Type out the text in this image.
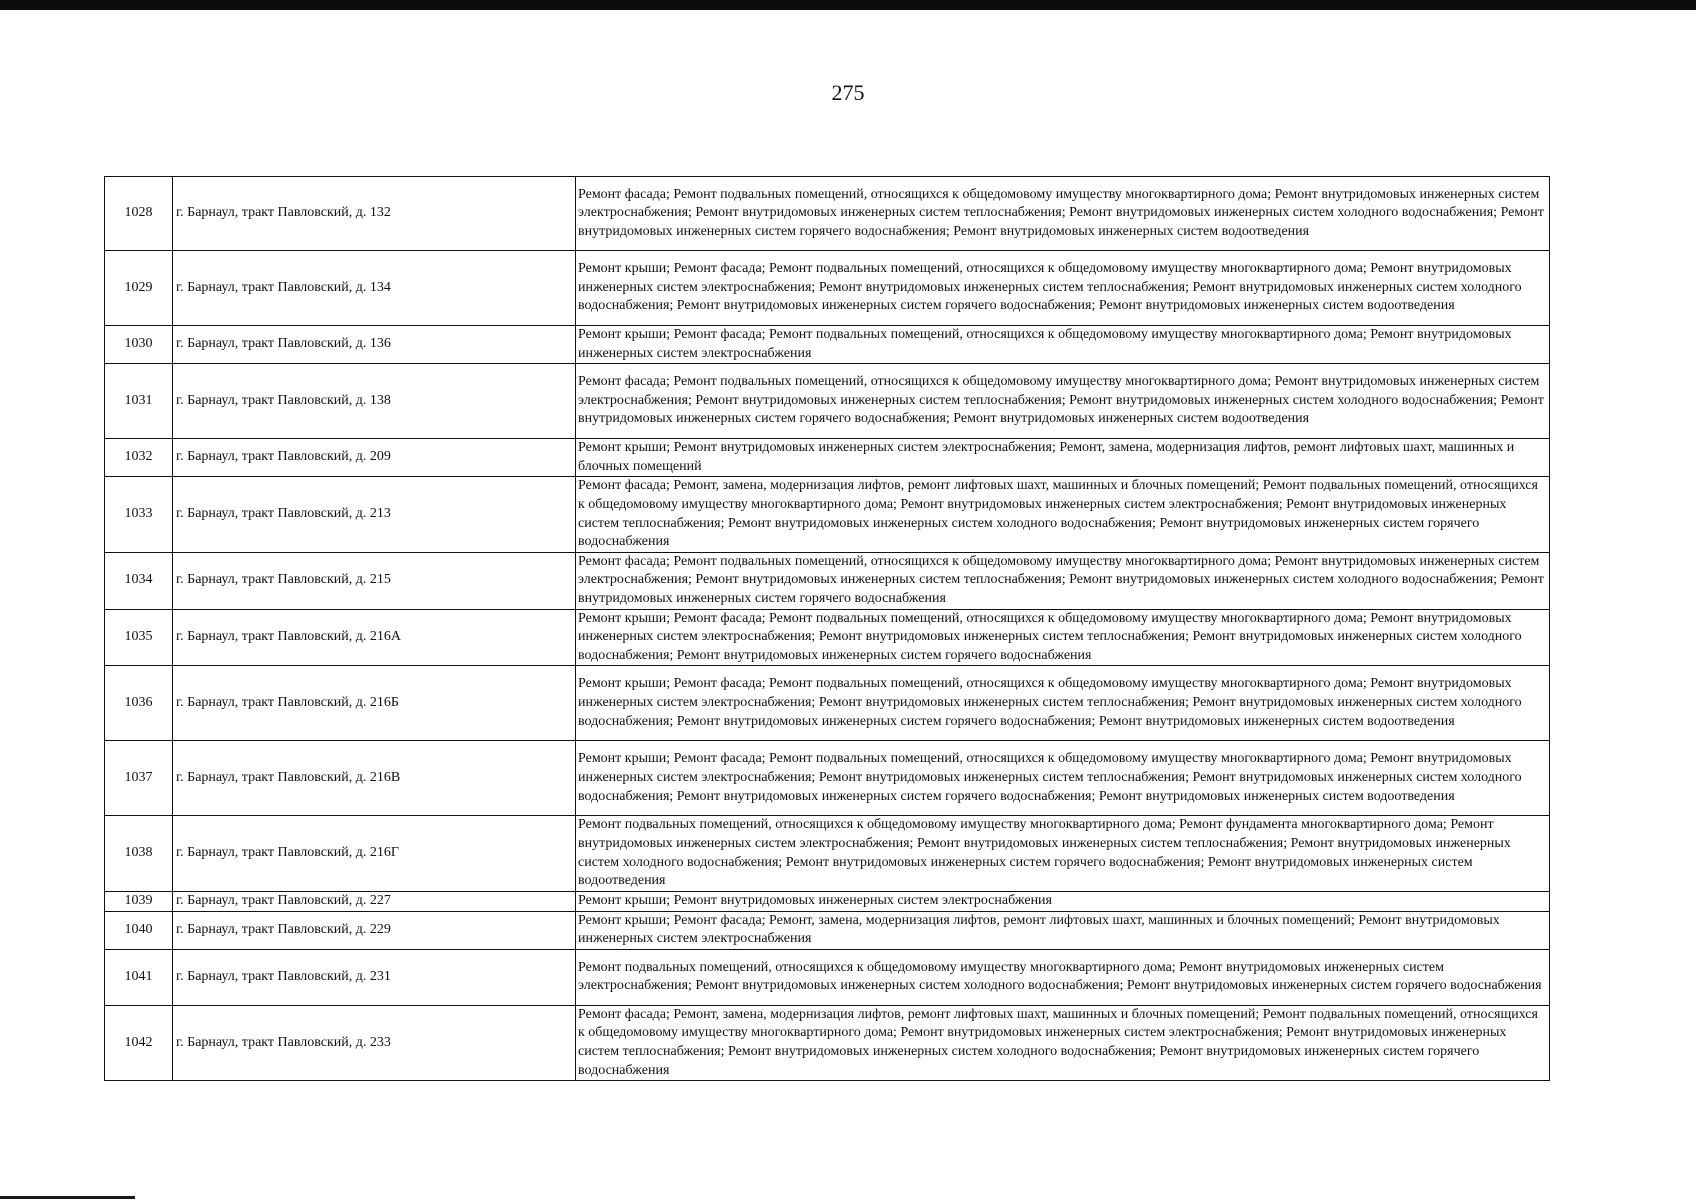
275
1028	г. Барнаул, тракт Павловский, д. 132	Ремонт фасада; Ремонт подвальных помещений, относящихся к общедомовому имуществу многоквартирного дома; Ремонт внутридомовых инженерных систем электроснабжения; Ремонт внутридомовых инженерных систем теплоснабжения; Ремонт внутридомовых инженерных систем холодного водоснабжения; Ремонт внутридомовых инженерных систем горячего водоснабжения; Ремонт внутридомовых инженерных систем водоотведения
1029	г. Барнаул, тракт Павловский, д. 134	Ремонт крыши; Ремонт фасада; Ремонт подвальных помещений, относящихся к общедомовому имуществу многоквартирного дома; Ремонт внутридомовых инженерных систем электроснабжения; Ремонт внутридомовых инженерных систем теплоснабжения; Ремонт внутридомовых инженерных систем холодного водоснабжения; Ремонт внутридомовых инженерных систем горячего водоснабжения; Ремонт внутридомовых инженерных систем водоотведения
1030	г. Барнаул, тракт Павловский, д. 136	Ремонт крыши; Ремонт фасада; Ремонт подвальных помещений, относящихся к общедомовому имуществу многоквартирного дома; Ремонт внутридомовых инженерных систем электроснабжения
1031	г. Барнаул, тракт Павловский, д. 138	Ремонт фасада; Ремонт подвальных помещений, относящихся к общедомовому имуществу многоквартирного дома; Ремонт внутридомовых инженерных систем электроснабжения; Ремонт внутридомовых инженерных систем теплоснабжения; Ремонт внутридомовых инженерных систем холодного водоснабжения; Ремонт внутридомовых инженерных систем горячего водоснабжения; Ремонт внутридомовых инженерных систем водоотведения
1032	г. Барнаул, тракт Павловский, д. 209	Ремонт крыши; Ремонт внутридомовых инженерных систем электроснабжения; Ремонт, замена, модернизация лифтов, ремонт лифтовых шахт, машинных и блочных помещений
1033	г. Барнаул, тракт Павловский, д. 213	Ремонт фасада; Ремонт, замена, модернизация лифтов, ремонт лифтовых шахт, машинных и блочных помещений; Ремонт подвальных помещений, относящихся к общедомовому имуществу многоквартирного дома; Ремонт внутридомовых инженерных систем электроснабжения; Ремонт внутридомовых инженерных систем теплоснабжения; Ремонт внутридомовых инженерных систем холодного водоснабжения; Ремонт внутридомовых инженерных систем горячего водоснабжения
1034	г. Барнаул, тракт Павловский, д. 215	Ремонт фасада; Ремонт подвальных помещений, относящихся к общедомовому имуществу многоквартирного дома; Ремонт внутридомовых инженерных систем электроснабжения; Ремонт внутридомовых инженерных систем теплоснабжения; Ремонт внутридомовых инженерных систем холодного водоснабжения; Ремонт внутридомовых инженерных систем горячего водоснабжения
1035	г. Барнаул, тракт Павловский, д. 216А	Ремонт крыши; Ремонт фасада; Ремонт подвальных помещений, относящихся к общедомовому имуществу многоквартирного дома; Ремонт внутридомовых инженерных систем электроснабжения; Ремонт внутридомовых инженерных систем теплоснабжения; Ремонт внутридомовых инженерных систем холодного водоснабжения; Ремонт внутридомовых инженерных систем горячего водоснабжения
1036	г. Барнаул, тракт Павловский, д. 216Б	Ремонт крыши; Ремонт фасада; Ремонт подвальных помещений, относящихся к общедомовому имуществу многоквартирного дома; Ремонт внутридомовых инженерных систем электроснабжения; Ремонт внутридомовых инженерных систем теплоснабжения; Ремонт внутридомовых инженерных систем холодного водоснабжения; Ремонт внутридомовых инженерных систем горячего водоснабжения; Ремонт внутридомовых инженерных систем водоотведения
1037	г. Барнаул, тракт Павловский, д. 216В	Ремонт крыши; Ремонт фасада; Ремонт подвальных помещений, относящихся к общедомовому имуществу многоквартирного дома; Ремонт внутридомовых инженерных систем электроснабжения; Ремонт внутридомовых инженерных систем теплоснабжения; Ремонт внутридомовых инженерных систем холодного водоснабжения; Ремонт внутридомовых инженерных систем горячего водоснабжения; Ремонт внутридомовых инженерных систем водоотведения
1038	г. Барнаул, тракт Павловский, д. 216Г	Ремонт подвальных помещений, относящихся к общедомовому имуществу многоквартирного дома; Ремонт фундамента многоквартирного дома; Ремонт внутридомовых инженерных систем электроснабжения; Ремонт внутридомовых инженерных систем теплоснабжения; Ремонт внутридомовых инженерных систем холодного водоснабжения; Ремонт внутридомовых инженерных систем горячего водоснабжения; Ремонт внутридомовых инженерных систем водоотведения
1039	г. Барнаул, тракт Павловский, д. 227	Ремонт крыши; Ремонт внутридомовых инженерных систем электроснабжения
1040	г. Барнаул, тракт Павловский, д. 229	Ремонт крыши; Ремонт фасада; Ремонт, замена, модернизация лифтов, ремонт лифтовых шахт, машинных и блочных помещений; Ремонт внутридомовых инженерных систем электроснабжения
1041	г. Барнаул, тракт Павловский, д. 231	Ремонт подвальных помещений, относящихся к общедомовому имуществу многоквартирного дома; Ремонт внутридомовых инженерных систем электроснабжения; Ремонт внутридомовых инженерных систем холодного водоснабжения; Ремонт внутридомовых инженерных систем горячего водоснабжения
1042	г. Барнаул, тракт Павловский, д. 233	Ремонт фасада; Ремонт, замена, модернизация лифтов, ремонт лифтовых шахт, машинных и блочных помещений; Ремонт подвальных помещений, относящихся к общедомовому имуществу многоквартирного дома; Ремонт внутридомовых инженерных систем электроснабжения; Ремонт внутридомовых инженерных систем теплоснабжения; Ремонт внутридомовых инженерных систем холодного водоснабжения; Ремонт внутридомовых инженерных систем горячего водоснабжения
